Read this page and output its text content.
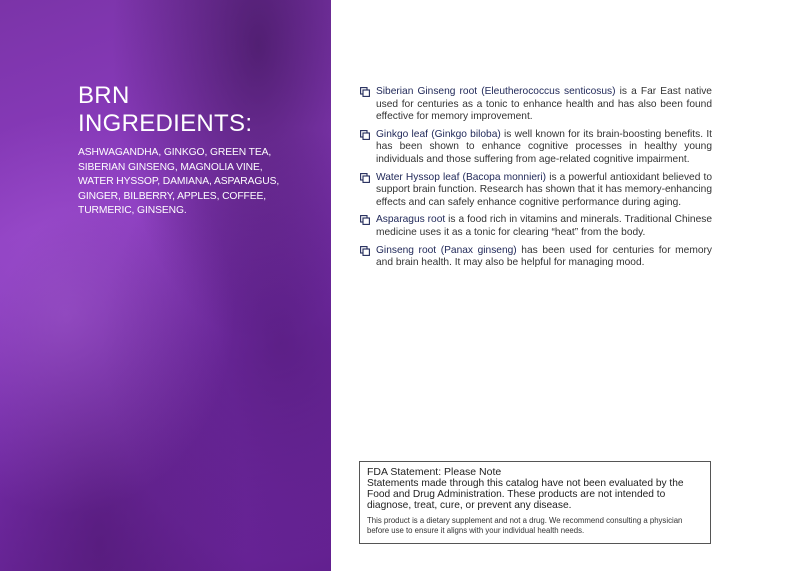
BRN
INGREDIENTS:
ASHWAGANDHA, GINKGO, GREEN TEA, SIBERIAN GINSENG, MAGNOLIA VINE, WATER HYSSOP, DAMIANA, ASPARAGUS, GINGER, BILBERRY, APPLES, COFFEE, TURMERIC, GINSENG.
Siberian Ginseng root (Eleutherococcus senticosus) is a Far East native used for centuries as a tonic to enhance health and has also been found effective for memory improvement.
Ginkgo leaf (Ginkgo biloba) is well known for its brain-boosting benefits. It has been shown to enhance cognitive processes in healthy young individuals and those suffering from age-related cognitive impairment.
Water Hyssop leaf (Bacopa monnieri) is a powerful antioxidant believed to support brain function. Research has shown that it has memory-enhancing effects and can safely enhance cognitive performance during aging.
Asparagus root is a food rich in vitamins and minerals. Traditional Chinese medicine uses it as a tonic for clearing “heat” from the body.
Ginseng root (Panax ginseng) has been used for centuries for memory and brain health. It may also be helpful for managing mood.
FDA Statement: Please Note
Statements made through this catalog have not been evaluated by the Food and Drug Administration. These products are not intended to diagnose, treat, cure, or prevent any disease.
This product is a dietary supplement and not a drug. We recommend consulting a physician before use to ensure it aligns with your individual health needs.
